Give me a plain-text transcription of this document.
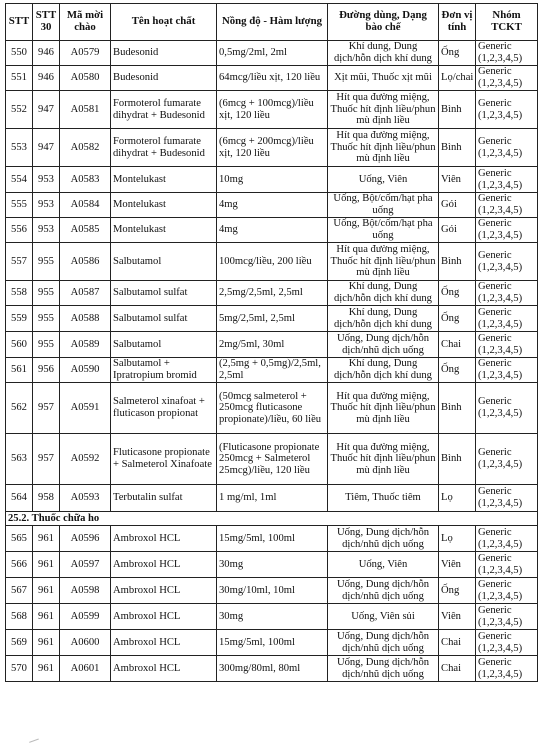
STT	STT 30	Mã mời chào	Tên hoạt chất	Nồng độ - Hàm lượng	Đường dùng, Dạng bào chế	Đơn vị tính	Nhóm TCKT
550	946	A0579	Budesonid	0,5mg/2ml, 2ml	Khí dung, Dung dịch/hỗn dịch khí dung	Ống	Generic (1,2,3,4,5)
551	946	A0580	Budesonid	64mcg/liều xịt, 120 liều	Xịt mũi, Thuốc xịt mũi	Lọ/chai	Generic (1,2,3,4,5)
552	947	A0581	Formoterol fumarate dihydrat + Budesonid	(6mcg + 100mcg)/liều xịt, 120 liều	Hít qua đường miệng, Thuốc hít định liều/phun mù định liều	Bình	Generic (1,2,3,4,5)
553	947	A0582	Formoterol fumarate dihydrat + Budesonid	(6mcg + 200mcg)/liều xịt, 120 liều	Hít qua đường miệng, Thuốc hít định liều/phun mù định liều	Bình	Generic (1,2,3,4,5)
554	953	A0583	Montelukast	10mg	Uống, Viên	Viên	Generic (1,2,3,4,5)
555	953	A0584	Montelukast	4mg	Uống, Bột/cốm/hạt pha uống	Gói	Generic (1,2,3,4,5)
556	953	A0585	Montelukast	4mg	Uống, Bột/cốm/hạt pha uống	Gói	Generic (1,2,3,4,5)
557	955	A0586	Salbutamol	100mcg/liều, 200 liều	Hít qua đường miệng, Thuốc hít định liều/phun mù định liều	Bình	Generic (1,2,3,4,5)
558	955	A0587	Salbutamol sulfat	2,5mg/2,5ml, 2,5ml	Khí dung, Dung dịch/hỗn dịch khí dung	Ống	Generic (1,2,3,4,5)
559	955	A0588	Salbutamol sulfat	5mg/2,5ml, 2,5ml	Khí dung, Dung dịch/hỗn dịch khí dung	Ống	Generic (1,2,3,4,5)
560	955	A0589	Salbutamol	2mg/5ml, 30ml	Uống, Dung dịch/hỗn dịch/nhũ dịch uống	Chai	Generic (1,2,3,4,5)
561	956	A0590	Salbutamol + Ipratropium bromid	(2,5mg + 0,5mg)/2,5ml, 2,5ml	Khí dung, Dung dịch/hỗn dịch khí dung	Ống	Generic (1,2,3,4,5)
562	957	A0591	Salmeterol xinafoat + fluticason propionat	(50mcg salmeterol + 250mcg fluticasone propionate)/liều, 60 liều	Hít qua đường miệng, Thuốc hít định liều/phun mù định liều	Bình	Generic (1,2,3,4,5)
563	957	A0592	Fluticasone propionate + Salmeterol Xinafoate	(Fluticasone propionate 250mcg + Salmeterol 25mcg)/liều, 120 liều	Hít qua đường miệng, Thuốc hít định liều/phun mù định liều	Bình	Generic (1,2,3,4,5)
564	958	A0593	Terbutalin sulfat	1 mg/ml, 1ml	Tiêm, Thuốc tiêm	Lọ	Generic (1,2,3,4,5)
25.2. Thuốc chữa ho							
565	961	A0596	Ambroxol HCL	15mg/5ml, 100ml	Uống, Dung dịch/hỗn dịch/nhũ dịch uống	Lọ	Generic (1,2,3,4,5)
566	961	A0597	Ambroxol HCL	30mg	Uống, Viên	Viên	Generic (1,2,3,4,5)
567	961	A0598	Ambroxol HCL	30mg/10ml, 10ml	Uống, Dung dịch/hỗn dịch/nhũ dịch uống	Ống	Generic (1,2,3,4,5)
568	961	A0599	Ambroxol HCL	30mg	Uống, Viên sủi	Viên	Generic (1,2,3,4,5)
569	961	A0600	Ambroxol HCL	15mg/5ml, 100ml	Uống, Dung dịch/hỗn dịch/nhũ dịch uống	Chai	Generic (1,2,3,4,5)
570	961	A0601	Ambroxol HCL	300mg/80ml, 80ml	Uống, Dung dịch/hỗn dịch/nhũ dịch uống	Chai	Generic (1,2,3,4,5)
